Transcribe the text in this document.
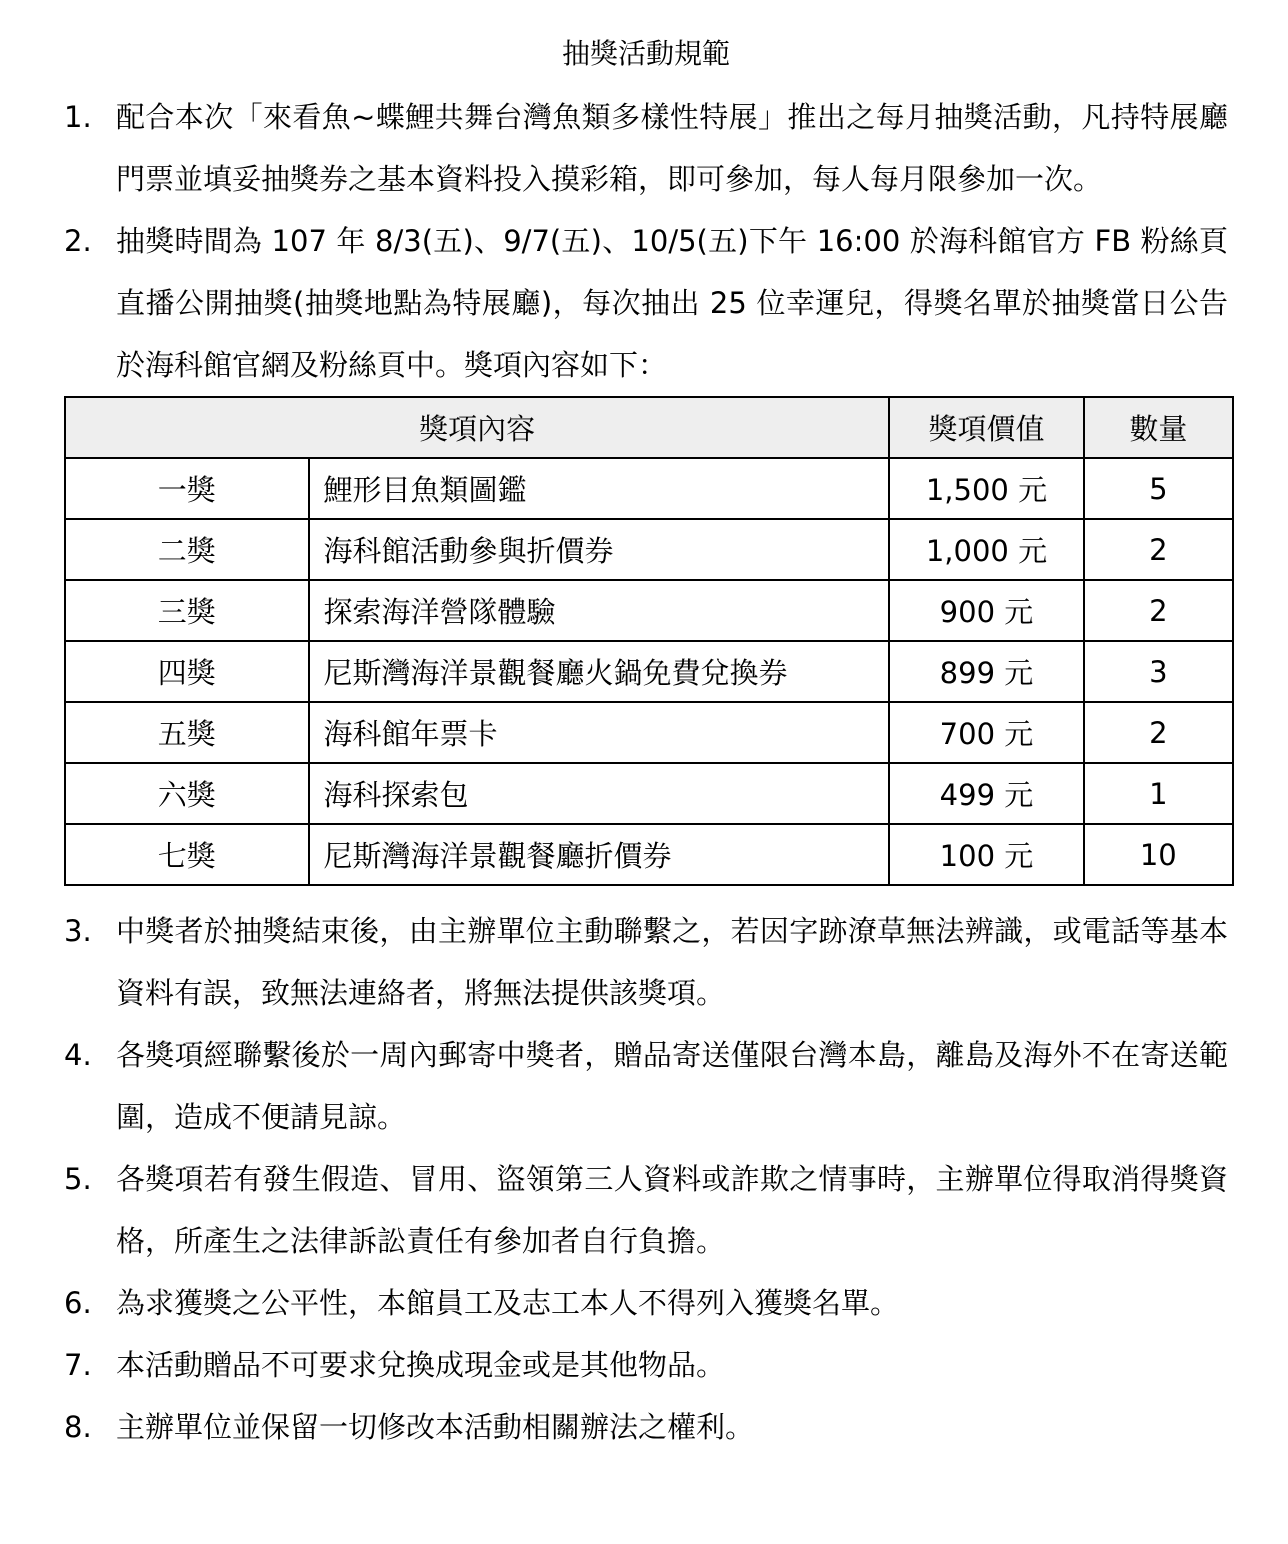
抽獎活動規範
1. 配合本次「來看魚~蝶鯉共舞台灣魚類多樣性特展」推出之每月抽獎活動，凡持特展廳門票並填妥抽獎券之基本資料投入摸彩箱，即可參加，每人每月限參加一次。
2. 抽獎時間為 107 年 8/3(五)、9/7(五)、10/5(五)下午 16:00 於海科館官方 FB 粉絲頁直播公開抽獎(抽獎地點為特展廳)，每次抽出 25 位幸運兒，得獎名單於抽獎當日公告於海科館官網及粉絲頁中。獎項內容如下：
獎項內容		獎項價值	數量
一獎	鯉形目魚類圖鑑	1,500 元	5
二獎	海科館活動參與折價券	1,000 元	2
三獎	探索海洋營隊體驗	900 元	2
四獎	尼斯灣海洋景觀餐廳火鍋免費兌換券	899 元	3
五獎	海科館年票卡	700 元	2
六獎	海科探索包	499 元	1
七獎	尼斯灣海洋景觀餐廳折價券	100 元	10
3. 中獎者於抽獎結束後，由主辦單位主動聯繫之，若因字跡潦草無法辨識，或電話等基本資料有誤，致無法連絡者，將無法提供該獎項。
4. 各獎項經聯繫後於一周內郵寄中獎者，贈品寄送僅限台灣本島，離島及海外不在寄送範圍，造成不便請見諒。
5. 各獎項若有發生假造、冒用、盜領第三人資料或詐欺之情事時，主辦單位得取消得獎資格，所產生之法律訴訟責任有參加者自行負擔。
6. 為求獲獎之公平性，本館員工及志工本人不得列入獲獎名單。
7. 本活動贈品不可要求兌換成現金或是其他物品。
8. 主辦單位並保留一切修改本活動相關辦法之權利。
